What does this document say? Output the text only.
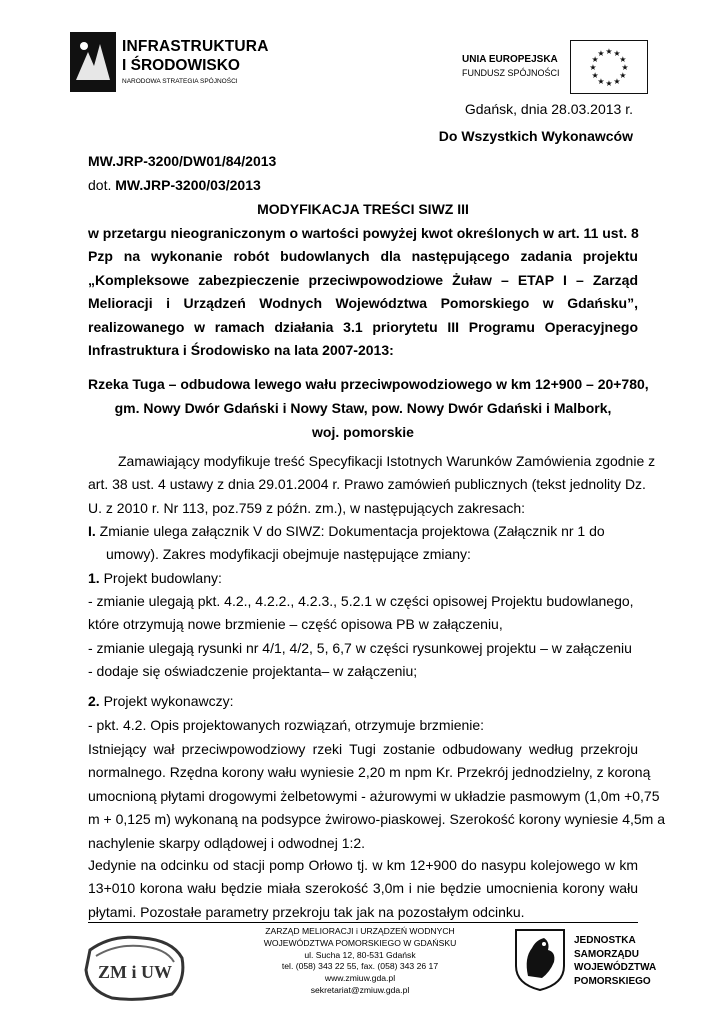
INFRASTRUKTURA
I ŚRODOWISKO
NARODOWA STRATEGIA SPÓJNOŚCI
UNIA EUROPEJSKA
FUNDUSZ SPÓJNOŚCI
★
★
★
★
★
★
★
★
★ ★ ★
★
Gdańsk, dnia 28.03.2013 r.
Do Wszystkich Wykonawców
MW.JRP-3200/DW01/84/2013
dot. MW.JRP-3200/03/2013
MODYFIKACJA TREŚCI SIWZ III
w przetargu nieograniczonym o wartości powyżej kwot określonych w art. 11 ust. 8
Pzp na wykonanie robót budowlanych dla następującego zadania projektu
„Kompleksowe zabezpieczenie przeciwpowodziowe Żuław – ETAP I – Zarząd
Melioracji i Urządzeń Wodnych Województwa Pomorskiego w Gdańsku”,
realizowanego w ramach działania 3.1 priorytetu III Programu Operacyjnego
Infrastruktura i Środowisko na lata 2007-2013:
Rzeka Tuga – odbudowa lewego wału przeciwpowodziowego w km 12+900 – 20+780,
gm. Nowy Dwór Gdański i Nowy Staw, pow. Nowy Dwór Gdański i Malbork,
woj. pomorskie
Zamawiający modyfikuje treść Specyfikacji Istotnych Warunków Zamówienia zgodnie z
art. 38 ust. 4 ustawy z dnia 29.01.2004 r. Prawo zamówień publicznych (tekst jednolity Dz.
U. z 2010 r. Nr 113, poz.759 z późn. zm.), w następujących zakresach:
I. Zmianie ulega załącznik V do SIWZ: Dokumentacja projektowa (Załącznik nr 1 do
umowy). Zakres modyfikacji obejmuje następujące zmiany:
1. Projekt budowlany:
- zmianie ulegają pkt. 4.2., 4.2.2., 4.2.3., 5.2.1 w części opisowej Projektu budowlanego,
które otrzymują nowe brzmienie – część opisowa PB w załączeniu,
- zmianie ulegają rysunki nr 4/1, 4/2, 5, 6,7 w części rysunkowej projektu – w załączeniu
- dodaje się oświadczenie projektanta– w załączeniu;
2. Projekt wykonawczy:
- pkt. 4.2. Opis projektowanych rozwiązań, otrzymuje brzmienie:
Istniejący wał przeciwpowodziowy rzeki Tugi zostanie odbudowany według przekroju
normalnego. Rzędna korony wału wyniesie 2,20 m npm Kr. Przekrój jednodzielny, z koroną
umocnioną płytami drogowymi żelbetowymi - ażurowymi w układzie pasmowym (1,0m +0,75
m + 0,125 m) wykonaną na podsypce żwirowo-piaskowej. Szerokość korony wyniesie 4,5m a
nachylenie skarpy odlądowej i odwodnej 1:2.
Jedynie na odcinku od stacji pomp Orłowo tj. w km 12+900 do nasypu kolejowego w km
13+010 korona wału będzie miała szerokość 3,0m i nie będzie umocnienia korony wału
płytami. Pozostałe parametry przekroju tak jak na pozostałym odcinku.
ZM i UW
ZARZĄD MELIORACJI i URZĄDZEŃ WODNYCH
WOJEWÓDZTWA POMORSKIEGO W GDAŃSKU
ul. Sucha 12, 80-531 Gdańsk
tel. (058) 343 22 55, fax. (058) 343 26 17
www.zmiuw.gda.pl
sekretariat@zmiuw.gda.pl
JEDNOSTKA
SAMORZĄDU
WOJEWÓDZTWA
POMORSKIEGO
